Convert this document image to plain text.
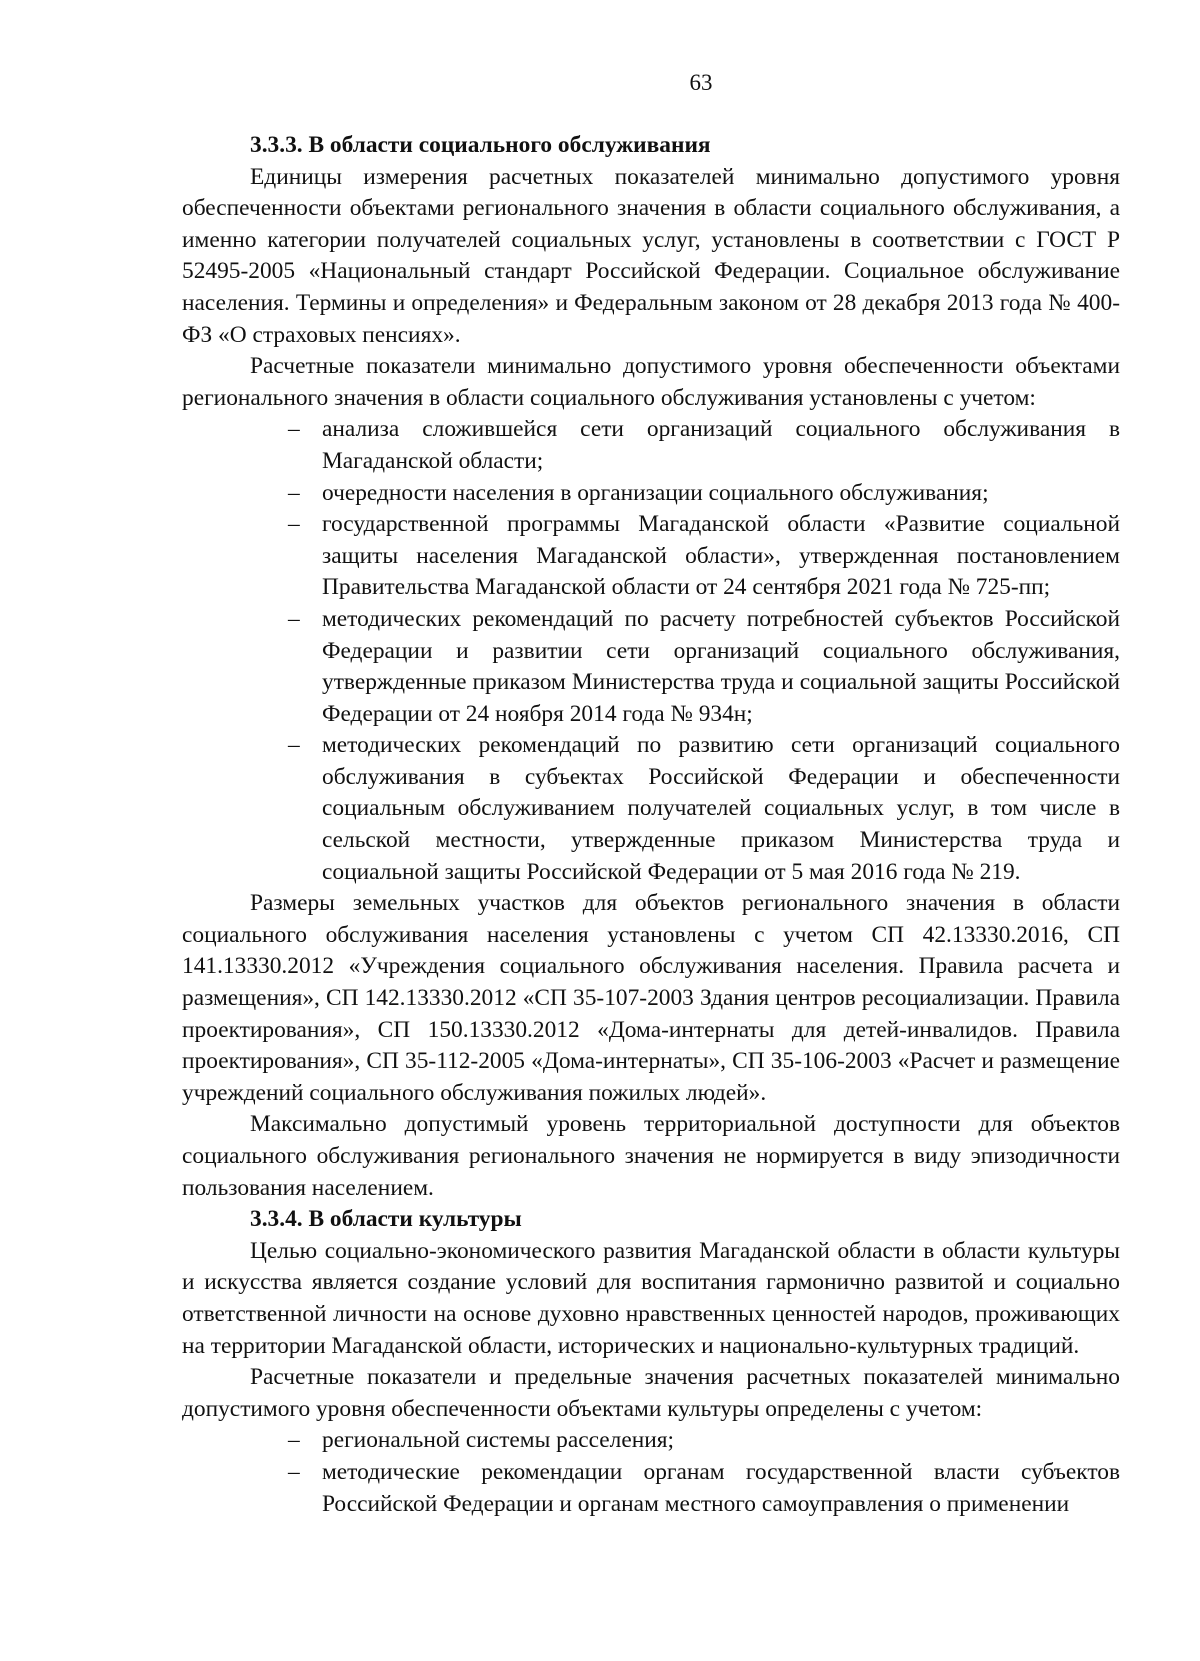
63
3.3.3. В области социального обслуживания

Единицы измерения расчетных показателей минимально допустимого уровня обеспеченности объектами регионального значения в области социального обслуживания, а именно категории получателей социальных услуг, установлены в соответствии с ГОСТ Р 52495-2005 «Национальный стандарт Российской Федерации. Социальное обслуживание населения. Термины и определения» и Федеральным законом от 28 декабря 2013 года № 400-ФЗ «О страховых пенсиях».

Расчетные показатели минимально допустимого уровня обеспеченности объектами регионального значения в области социального обслуживания установлены с учетом:

– анализа сложившейся сети организаций социального обслуживания в Магаданской области;
– очередности населения в организации социального обслуживания;
– государственной программы Магаданской области «Развитие социальной защиты населения Магаданской области», утвержденная постановлением Правительства Магаданской области от 24 сентября 2021 года № 725-пп;
– методических рекомендаций по расчету потребностей субъектов Российской Федерации и развитии сети организаций социального обслуживания, утвержденные приказом Министерства труда и социальной защиты Российской Федерации от 24 ноября 2014 года № 934н;
– методических рекомендаций по развитию сети организаций социального обслуживания в субъектах Российской Федерации и обеспеченности социальным обслуживанием получателей социальных услуг, в том числе в сельской местности, утвержденные приказом Министерства труда и социальной защиты Российской Федерации от 5 мая 2016 года № 219.

Размеры земельных участков для объектов регионального значения в области социального обслуживания населения установлены с учетом СП 42.13330.2016, СП 141.13330.2012 «Учреждения социального обслуживания населения. Правила расчета и размещения», СП 142.13330.2012 «СП 35-107-2003 Здания центров ресоциализации. Правила проектирования», СП 150.13330.2012 «Дома-интернаты для детей-инвалидов. Правила проектирования», СП 35-112-2005 «Дома-интернаты», СП 35-106-2003 «Расчет и размещение учреждений социального обслуживания пожилых людей».

Максимально допустимый уровень территориальной доступности для объектов социального обслуживания регионального значения не нормируется в виду эпизодичности пользования населением.

3.3.4. В области культуры

Целью социально-экономического развития Магаданской области в области культуры и искусства является создание условий для воспитания гармонично развитой и социально ответственной личности на основе духовно нравственных ценностей народов, проживающих на территории Магаданской области, исторических и национально-культурных традиций.

Расчетные показатели и предельные значения расчетных показателей минимально допустимого уровня обеспеченности объектами культуры определены с учетом:

– региональной системы расселения;
– методические рекомендации органам государственной власти субъектов Российской Федерации и органам местного самоуправления о применении
